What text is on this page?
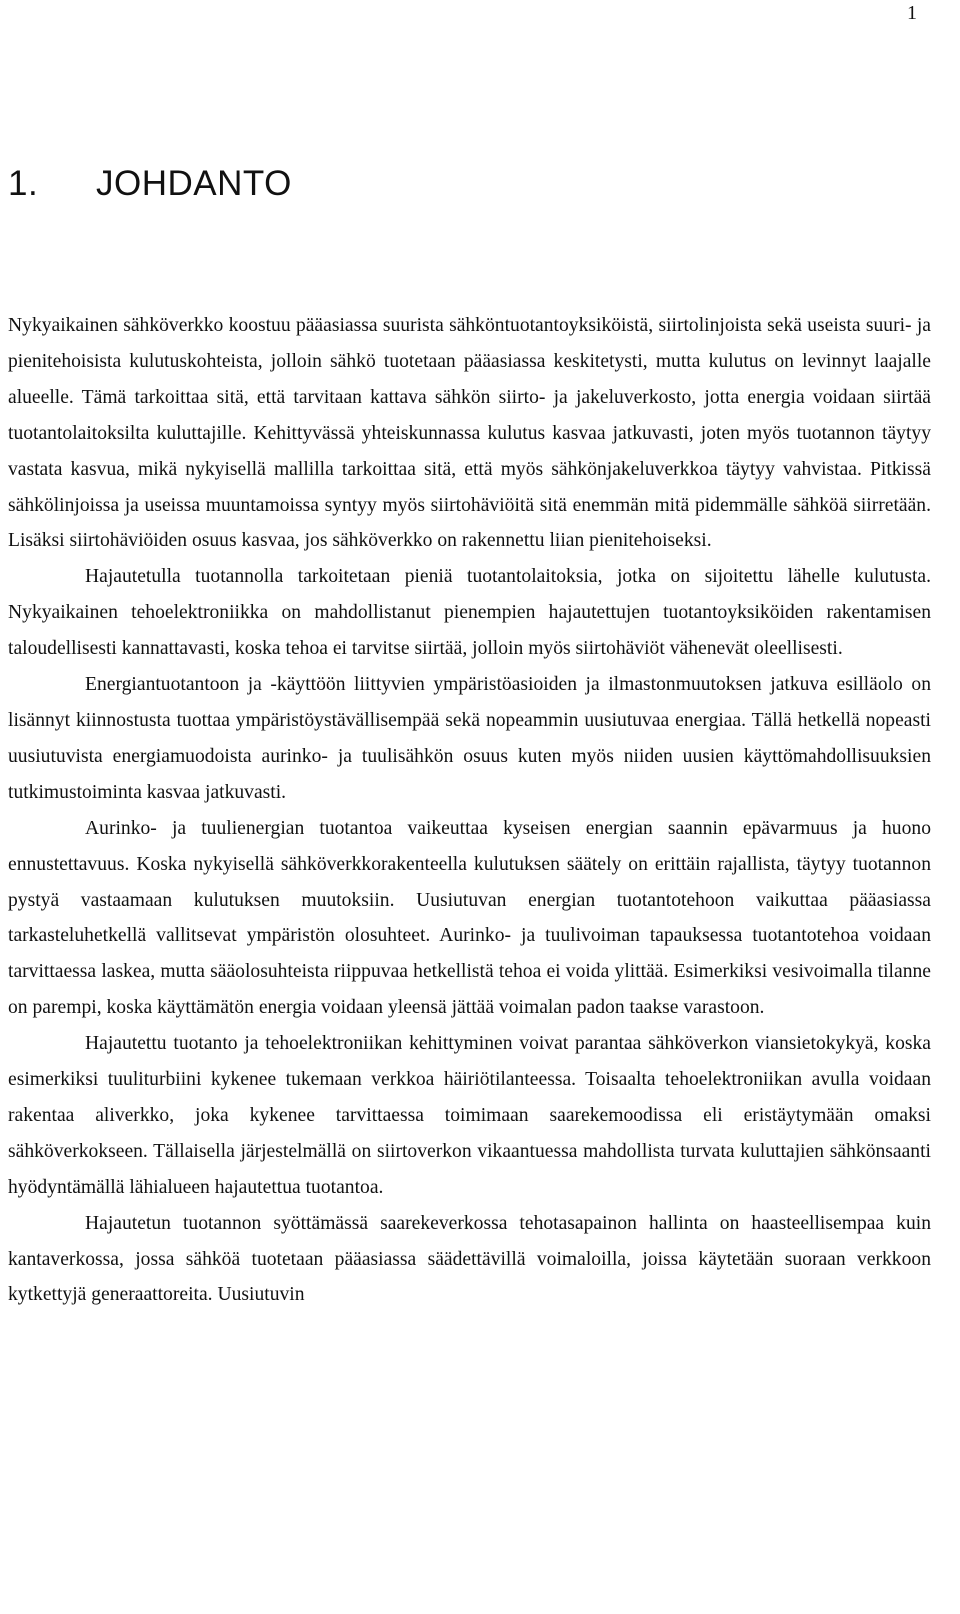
1
1. JOHDANTO

Nykyaikainen sähköverkko koostuu pääasiassa suurista sähköntuotantoyksiköistä, siirtolinjoista sekä useista suuri- ja pienitehoisista kulutuskohteista, jolloin sähkö tuotetaan pääasiassa keskitetysti, mutta kulutus on levinnyt laajalle alueelle. Tämä tarkoittaa sitä, että tarvitaan kattava sähkön siirto- ja jakeluverkosto, jotta energia voidaan siirtää tuotantolaitoksilta kuluttajille. Kehittyvässä yhteiskunnassa kulutus kasvaa jatkuvasti, joten myös tuotannon täytyy vastata kasvua, mikä nykyisellä mallilla tarkoittaa sitä, että myös sähkönjakeluverkkoa täytyy vahvistaa. Pitkissä sähkölinjoissa ja useissa muuntamoissa syntyy myös siirtohäviöitä sitä enemmän mitä pidemmälle sähköä siirretään. Lisäksi siirtohäviöiden osuus kasvaa, jos sähköverkko on rakennettu liian pienitehoiseksi.

Hajautetulla tuotannolla tarkoitetaan pieniä tuotantolaitoksia, jotka on sijoitettu lähelle kulutusta. Nykyaikainen tehoelektroniikka on mahdollistanut pienempien hajautettujen tuotantoyksiköiden rakentamisen taloudellisesti kannattavasti, koska tehoa ei tarvitse siirtää, jolloin myös siirtohäviöt vähenevät oleellisesti.

Energiantuotantoon ja -käyttöön liittyvien ympäristöasioiden ja ilmastonmuutoksen jatkuva esilläolo on lisännyt kiinnostusta tuottaa ympäristöystävällisempää sekä nopeammin uusiutuvaa energiaa. Tällä hetkellä nopeasti uusiutuvista energiamuodoista aurinko- ja tuulisähkön osuus kuten myös niiden uusien käyttömahdollisuuksien tutkimustoiminta kasvaa jatkuvasti.

Aurinko- ja tuulienergian tuotantoa vaikeuttaa kyseisen energian saannin epävarmuus ja huono ennustettavuus. Koska nykyisellä sähköverkkorakenteella kulutuksen säätely on erittäin rajallista, täytyy tuotannon pystyä vastaamaan kulutuksen muutoksiin. Uusiutuvan energian tuotantotehoon vaikuttaa pääasiassa tarkasteluhetkellä vallitsevat ympäristön olosuhteet. Aurinko- ja tuulivoiman tapauksessa tuotantotehoa voidaan tarvittaessa laskea, mutta sääolosuhteista riippuvaa hetkellistä tehoa ei voida ylittää. Esimerkiksi vesivoimalla tilanne on parempi, koska käyttämätön energia voidaan yleensä jättää voimalan padon taakse varastoon.

Hajautettu tuotanto ja tehoelektroniikan kehittyminen voivat parantaa sähköverkon viansietokykyä, koska esimerkiksi tuuliturbiini kykenee tukemaan verkkoa häiriötilanteessa. Toisaalta tehoelektroniikan avulla voidaan rakentaa aliverkko, joka kykenee tarvittaessa toimimaan saarekemoodissa eli eristäytymään omaksi sähköverkokseen. Tällaisella järjestelmällä on siirtoverkon vikaantuessa mahdollista turvata kuluttajien sähkönsaanti hyödyntämällä lähialueen hajautettua tuotantoa.

Hajautetun tuotannon syöttämässä saarekeverkossa tehotasapainon hallinta on haasteellisempaa kuin kantaverkossa, jossa sähköä tuotetaan pääasiassa säädettävillä voimaloilla, joissa käytetään suoraan verkkoon kytkettyjä generaattoreita. Uusiutuvin
